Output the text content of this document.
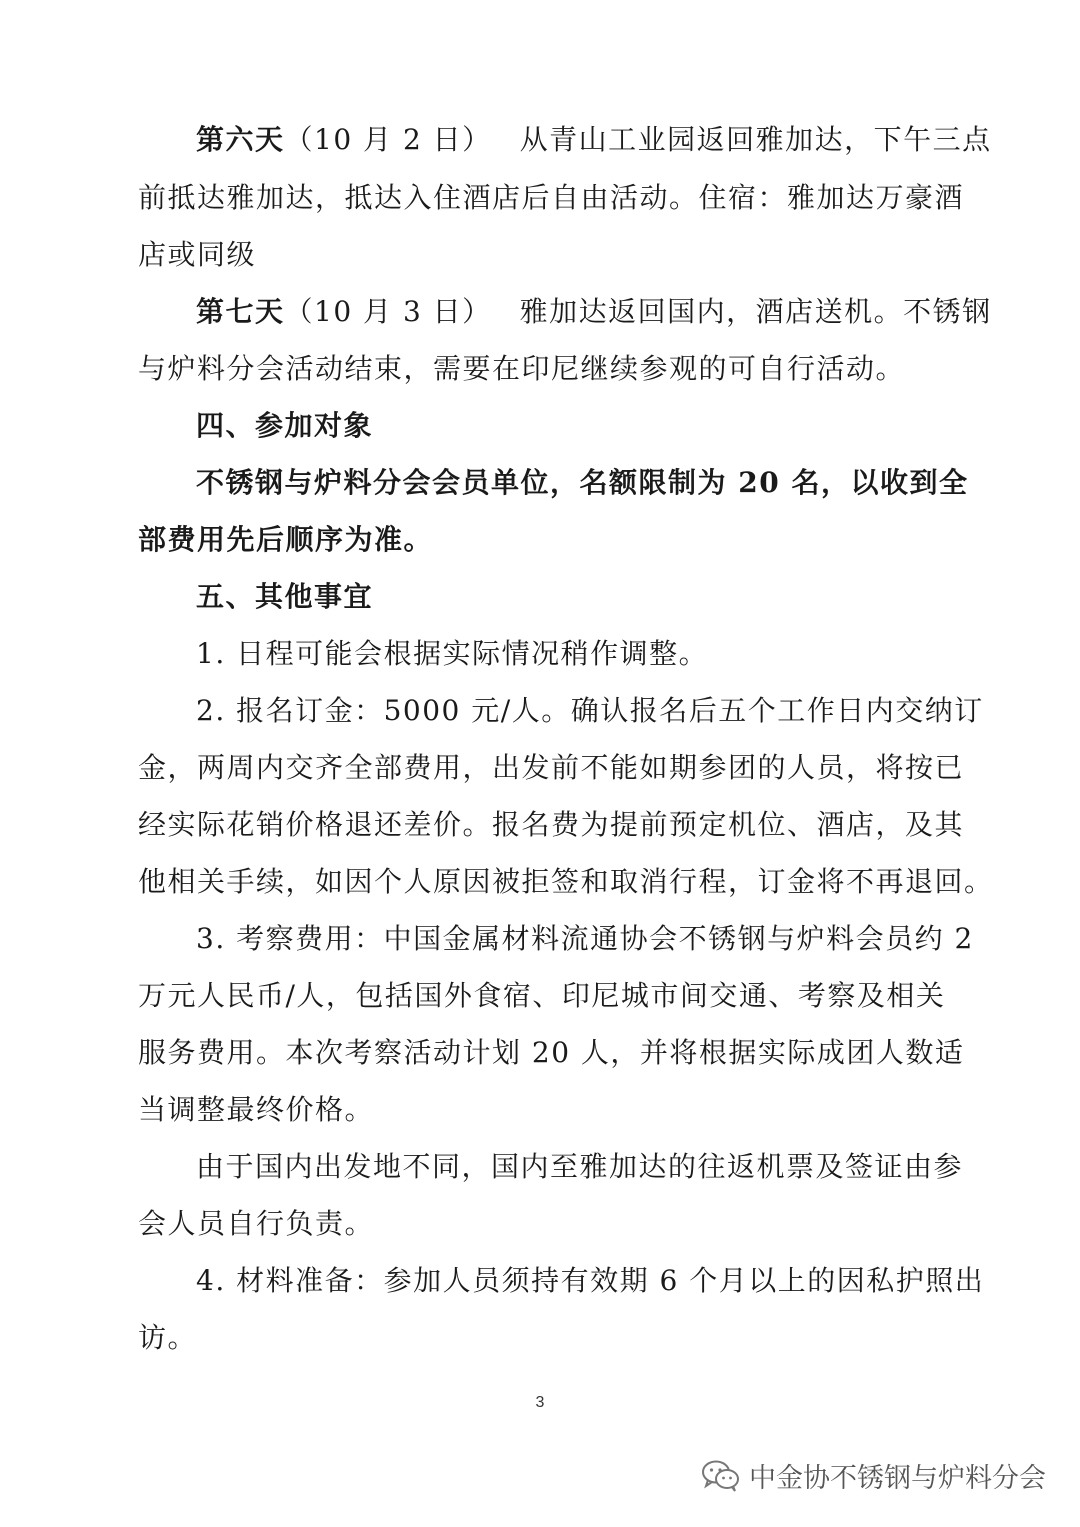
第六天（10 月 2 日） 从青山工业园返回雅加达，下午三点
前抵达雅加达，抵达入住酒店后自由活动。住宿：雅加达万豪酒
店或同级
第七天（10 月 3 日） 雅加达返回国内，酒店送机。不锈钢
与炉料分会活动结束，需要在印尼继续参观的可自行活动。
四、参加对象
不锈钢与炉料分会会员单位，名额限制为 20 名，以收到全
部费用先后顺序为准。
五、其他事宜
1. 日程可能会根据实际情况稍作调整。
2. 报名订金：5000 元/人。确认报名后五个工作日内交纳订
金，两周内交齐全部费用，出发前不能如期参团的人员，将按已
经实际花销价格退还差价。报名费为提前预定机位、酒店，及其
他相关手续，如因个人原因被拒签和取消行程，订金将不再退回。
3. 考察费用：中国金属材料流通协会不锈钢与炉料会员约 2
万元人民币/人，包括国外食宿、印尼城市间交通、考察及相关
服务费用。本次考察活动计划 20 人，并将根据实际成团人数适
当调整最终价格。
由于国内出发地不同，国内至雅加达的往返机票及签证由参
会人员自行负责。
4. 材料准备：参加人员须持有效期 6 个月以上的因私护照出
访。
3
中金协不锈钢与炉料分会
